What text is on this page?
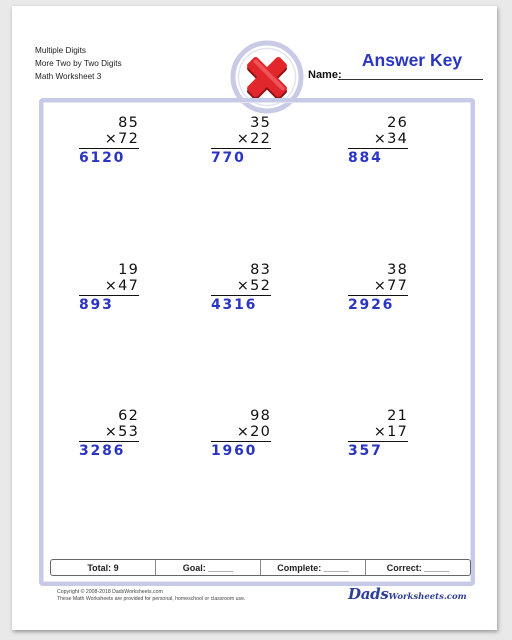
Multiple Digits
More Two by Two Digits
Math Worksheet 3	Name:
Answer Key
85
×72
6120
35
×22
770
26
×34
884
19
×47
893
83
×52
4316
38
×77
2926
62
×53
3286
98
×20
1960
21
×17
357
Total: 9	Goal: _____	Complete: _____	Correct: _____
Copyright © 2008-2018 DadsWorksheets.com
These Math Worksheets are provided for personal, homeschool or classroom use.	DadsWorksheets.com
